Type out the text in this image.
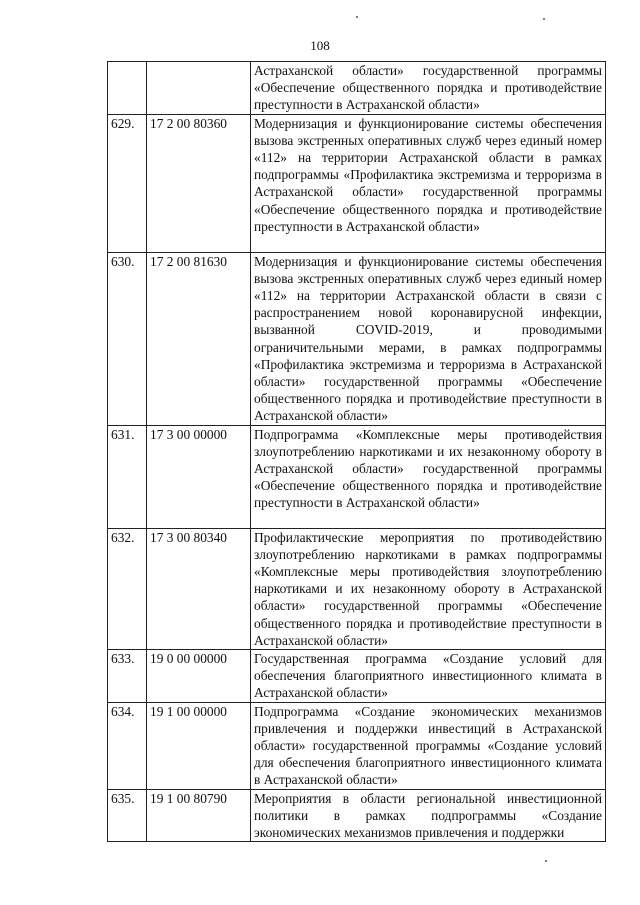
108
		Астраханской области» государственной программы «Обеспечение общественного порядка и противодействие преступности в Астраханской области»
629.	17 2 00 80360	Модернизация и функционирование системы обеспечения вызова экстренных оперативных служб через единый номер «112» на территории Астраханской области в рамках подпрограммы «Профилактика экстремизма и терроризма в Астраханской области» государственной программы «Обеспечение общественного порядка и противодействие преступности в Астраханской области»
630.	17 2 00 81630	Модернизация и функционирование системы обеспечения вызова экстренных оперативных служб через единый номер «112» на территории Астраханской области в связи с распространением новой коронавирусной инфекции, вызванной COVID-2019, и проводимыми ограничительными мерами, в рамках подпрограммы «Профилактика экстремизма и терроризма в Астраханской области» государственной программы «Обеспечение общественного порядка и противодействие преступности в Астраханской области»
631.	17 3 00 00000	Подпрограмма «Комплексные меры противодействия злоупотреблению наркотиками и их незаконному обороту в Астраханской области» государственной программы «Обеспечение общественного порядка и противодействие преступности в Астраханской области»
632.	17 3 00 80340	Профилактические мероприятия по противодействию злоупотреблению наркотиками в рамках подпрограммы «Комплексные меры противодействия злоупотреблению наркотиками и их незаконному обороту в Астраханской области» государственной программы «Обеспечение общественного порядка и противодействие преступности в Астраханской области»
633.	19 0 00 00000	Государственная программа «Создание условий для обеспечения благоприятного инвестиционного климата в Астраханской области»
634.	19 1 00 00000	Подпрограмма «Создание экономических механизмов привлечения и поддержки инвестиций в Астраханской области» государственной программы «Создание условий для обеспечения благоприятного инвестиционного климата в Астраханской области»
635.	19 1 00 80790	Мероприятия в области региональной инвестиционной политики в рамках подпрограммы «Создание экономических механизмов привлечения и поддержки
